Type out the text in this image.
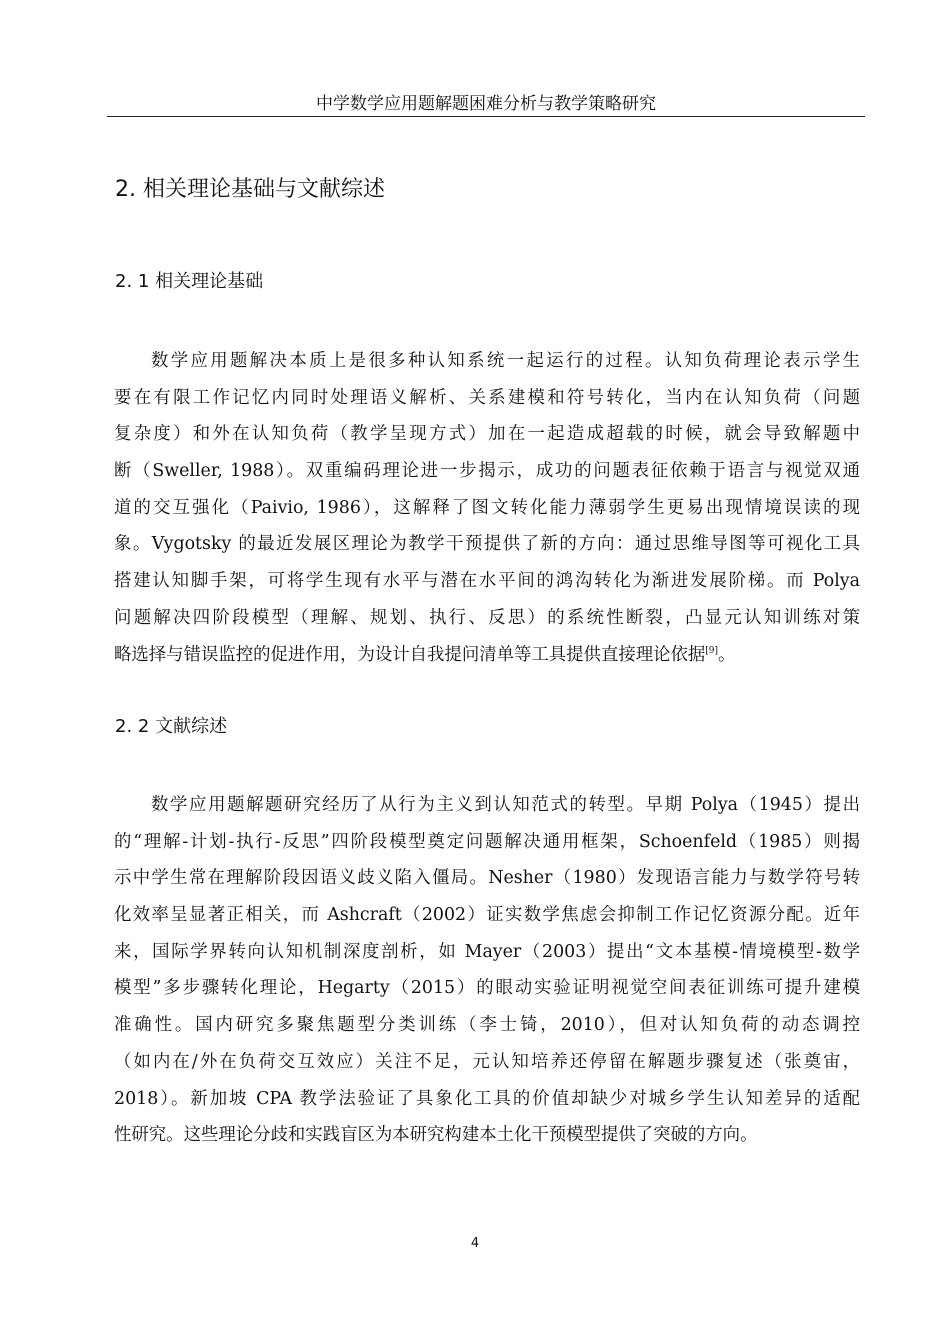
中学数学应用题解题困难分析与教学策略研究
2. 相关理论基础与文献综述
2. 1 相关理论基础
数学应用题解决本质上是很多种认知系统一起运行的过程。认知负荷理论表示学生
要在有限工作记忆内同时处理语义解析、关系建模和符号转化，当内在认知负荷（问题
复杂度）和外在认知负荷（教学呈现方式）加在一起造成超载的时候，就会导致解题中
断（Sweller, 1988）。双重编码理论进一步揭示，成功的问题表征依赖于语言与视觉双通
道的交互强化（Paivio, 1986），这解释了图文转化能力薄弱学生更易出现情境误读的现
象。Vygotsky 的最近发展区理论为教学干预提供了新的方向：通过思维导图等可视化工具
搭建认知脚手架，可将学生现有水平与潜在水平间的鸿沟转化为渐进发展阶梯。而 Polya
问题解决四阶段模型（理解、规划、执行、反思）的系统性断裂，凸显元认知训练对策
略选择与错误监控的促进作用，为设计自我提问清单等工具提供直接理论依据[9]。
2. 2 文献综述
数学应用题解题研究经历了从行为主义到认知范式的转型。早期 Polya（1945）提出
的“理解-计划-执行-反思”四阶段模型奠定问题解决通用框架，Schoenfeld（1985）则揭
示中学生常在理解阶段因语义歧义陷入僵局。Nesher（1980）发现语言能力与数学符号转
化效率呈显著正相关，而 Ashcraft（2002）证实数学焦虑会抑制工作记忆资源分配。近年
来，国际学界转向认知机制深度剖析，如 Mayer（2003）提出“文本基模-情境模型-数学
模型”多步骤转化理论，Hegarty（2015）的眼动实验证明视觉空间表征训练可提升建模
准确性。国内研究多聚焦题型分类训练（李士锜，2010），但对认知负荷的动态调控
（如内在/外在负荷交互效应）关注不足，元认知培养还停留在解题步骤复述（张奠宙，
2018）。新加坡 CPA 教学法验证了具象化工具的价值却缺少对城乡学生认知差异的适配
性研究。这些理论分歧和实践盲区为本研究构建本土化干预模型提供了突破的方向。
4
